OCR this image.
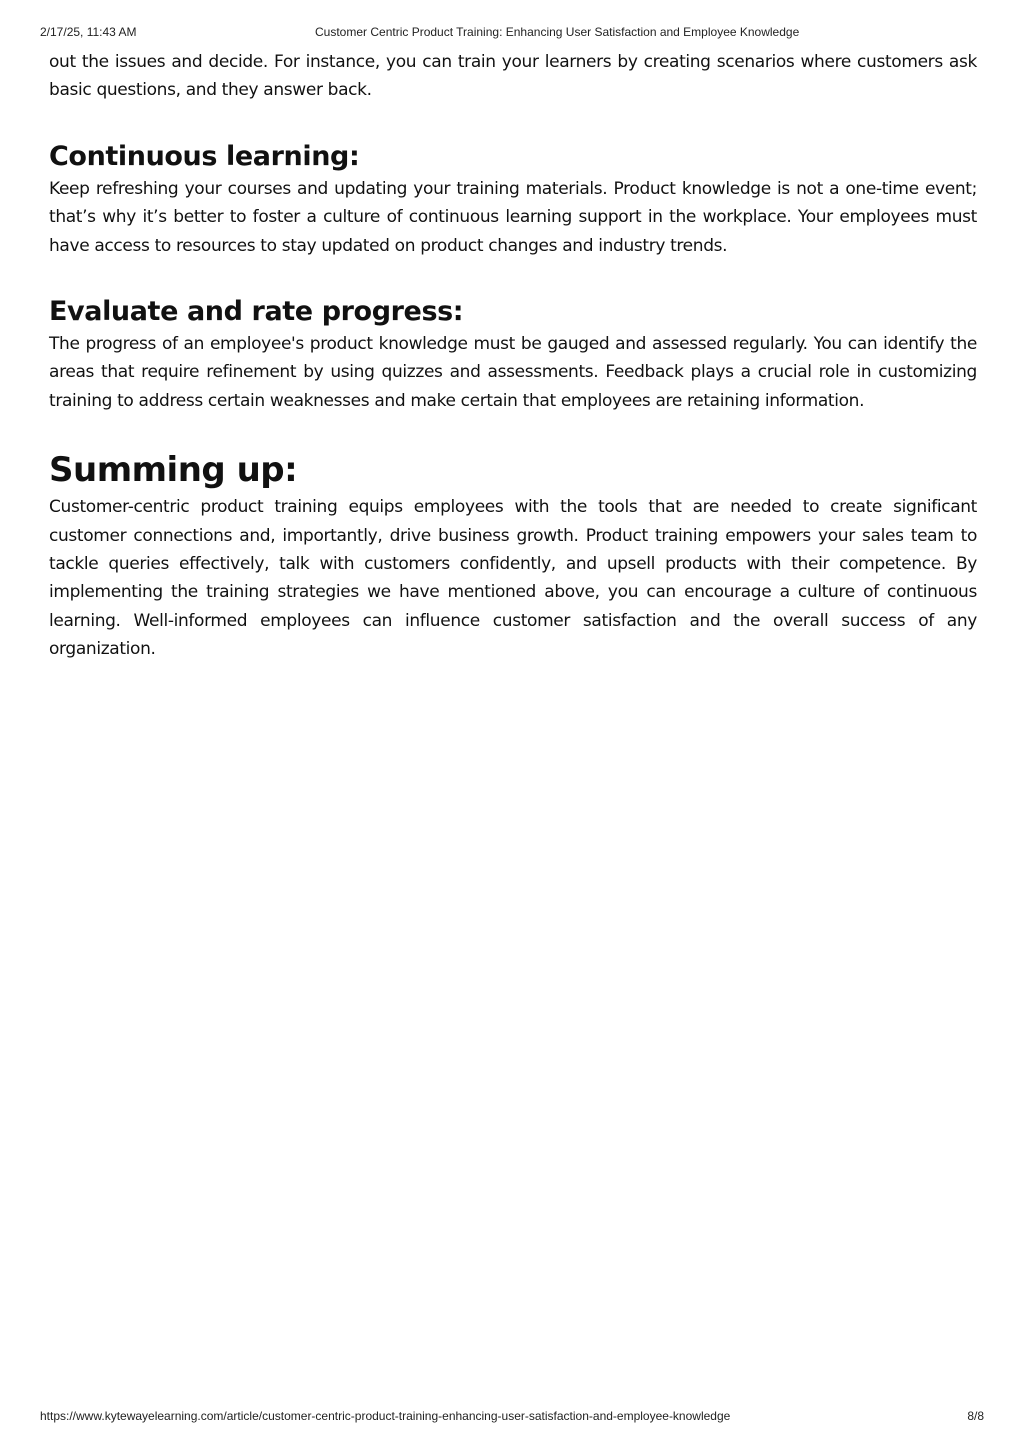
2/17/25, 11:43 AM	Customer Centric Product Training: Enhancing User Satisfaction and Employee Knowledge

out the issues and decide. For instance, you can train your learners by creating scenarios where customers ask basic questions, and they answer back.

Continuous learning:

Keep refreshing your courses and updating your training materials. Product knowledge is not a one-time event; that’s why it’s better to foster a culture of continuous learning support in the workplace. Your employees must have access to resources to stay updated on product changes and industry trends.

Evaluate and rate progress:

The progress of an employee's product knowledge must be gauged and assessed regularly. You can identify the areas that require refinement by using quizzes and assessments. Feedback plays a crucial role in customizing training to address certain weaknesses and make certain that employees are retaining information.

Summing up:

Customer-centric product training equips employees with the tools that are needed to create significant customer connections and, importantly, drive business growth. Product training empowers your sales team to tackle queries effectively, talk with customers confidently, and upsell products with their competence. By implementing the training strategies we have mentioned above, you can encourage a culture of continuous learning. Well-informed employees can influence customer satisfaction and the overall success of any organization.

https://www.kytewayelearning.com/article/customer-centric-product-training-enhancing-user-satisfaction-and-employee-knowledge	8/8
